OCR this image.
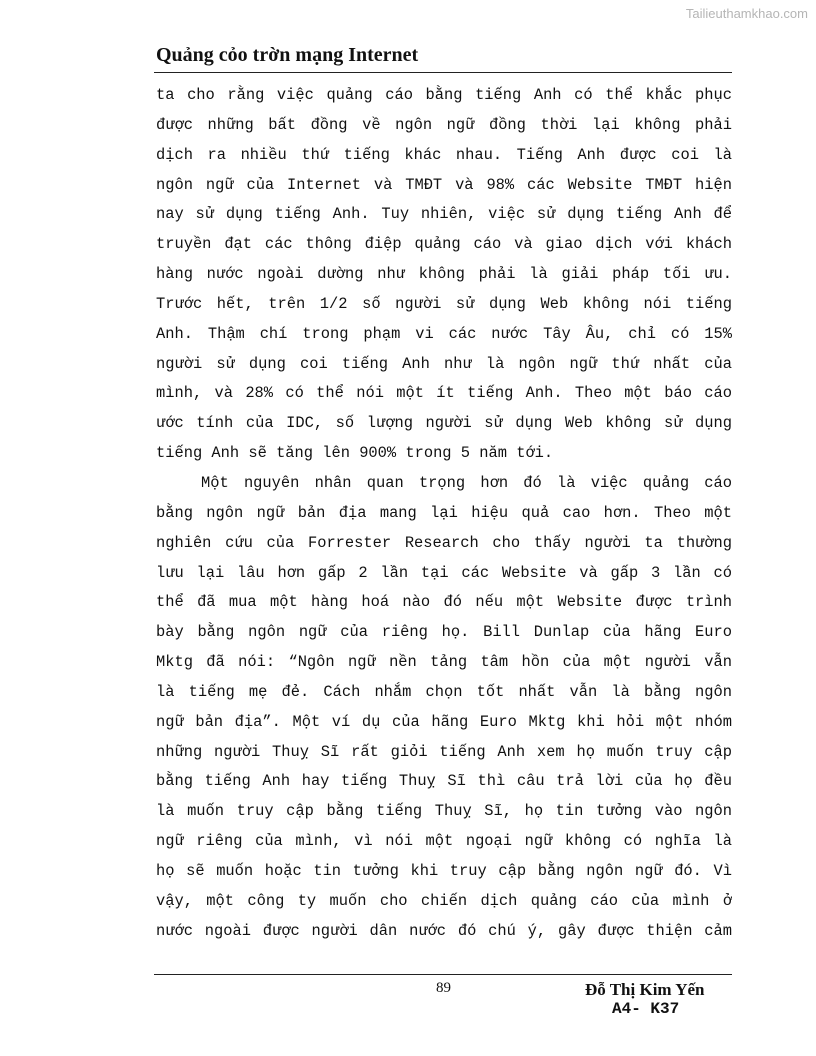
Tailieuthamkhao.com
Quảng cỏo trờn mạng Internet
ta cho rằng việc quảng cáo bằng tiếng Anh có thể khắc phục
được những bất đồng về ngôn ngữ đồng thời lại không phải
dịch ra nhiều thứ tiếng khác nhau. Tiếng Anh được coi là
ngôn ngữ của Internet và TMĐT và 98% các Website TMĐT hiện
nay sử dụng tiếng Anh. Tuy nhiên, việc sử dụng tiếng Anh để
truyền đạt các thông điệp quảng cáo và giao dịch với khách
hàng nước ngoài dường như không phải là giải pháp tối ưu.
Trước hết, trên 1/2 số người sử dụng Web không nói tiếng
Anh. Thậm chí trong phạm vi các nước Tây Âu, chỉ có 15%
người sử dụng coi tiếng Anh như là ngôn ngữ thứ nhất của
mình, và 28% có thể nói một ít tiếng Anh. Theo một báo cáo
ước tính của IDC, số lượng người sử dụng Web không sử dụng
tiếng Anh sẽ tăng lên 900% trong 5 năm tới.
Một nguyên nhân quan trọng hơn đó là việc quảng cáo
bằng ngôn ngữ bản địa mang lại hiệu quả cao hơn. Theo một
nghiên cứu của Forrester Research cho thấy người ta thường
lưu lại lâu hơn gấp 2 lần tại các Website và gấp 3 lần có
thể đã mua một hàng hoá nào đó nếu một Website được trình
bày bằng ngôn ngữ của riêng họ. Bill Dunlap của hãng Euro
Mktg đã nói: “Ngôn ngữ nền tảng tâm hồn của một người vẫn
là tiếng mẹ đẻ. Cách nhắm chọn tốt nhất vẫn là bằng ngôn
ngữ bản địa”. Một ví dụ của hãng Euro Mktg khi hỏi một nhóm
những người Thuỵ Sĩ rất giỏi tiếng Anh xem họ muốn truy cập
bằng tiếng Anh hay tiếng Thuỵ Sĩ thì câu trả lời của họ đều
là muốn truy cập bằng tiếng Thuỵ Sĩ, họ tin tưởng vào ngôn
ngữ riêng của mình, vì nói một ngoại ngữ không có nghĩa là
họ sẽ muốn hoặc tin tưởng khi truy cập bằng ngôn ngữ đó. Vì
vậy, một công ty muốn cho chiến dịch quảng cáo của mình ở
nước ngoài được người dân nước đó chú ý, gây được thiện cảm
89	Đỗ Thị Kim Yến
A4- K37
